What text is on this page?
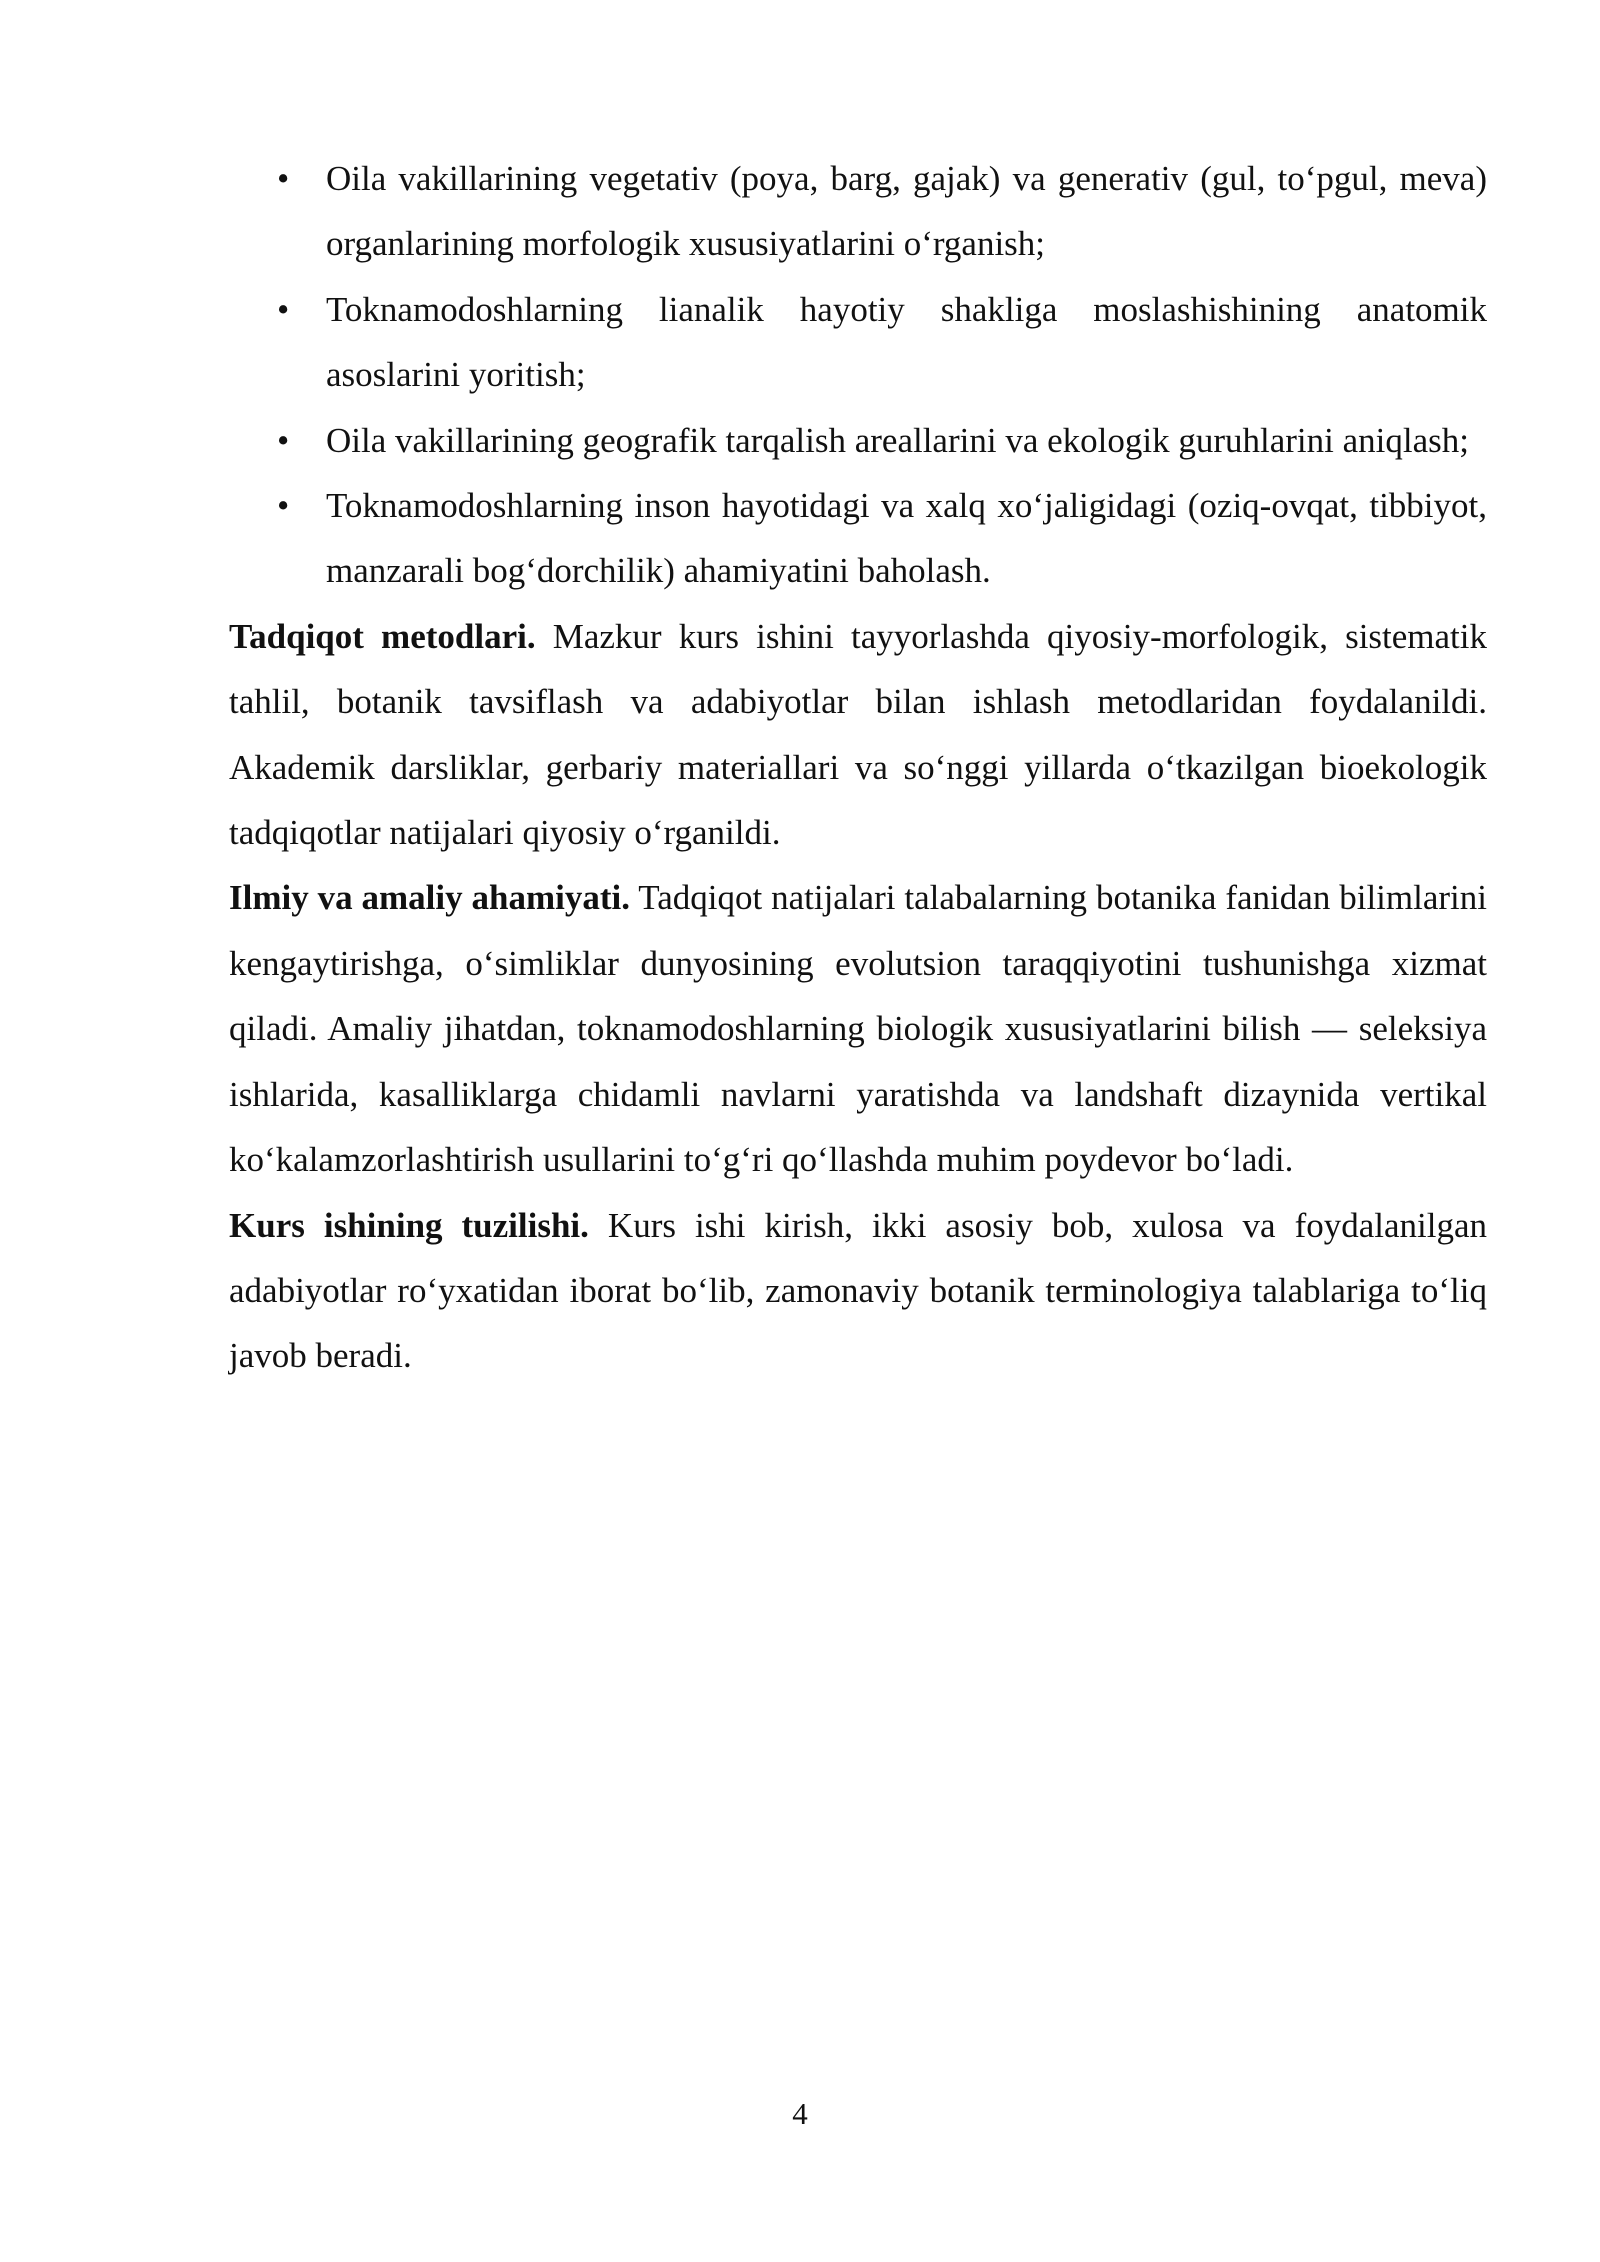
•	Oila vakillarining vegetativ (poya, barg, gajak) va generativ (gul, to‘pgul, meva) organlarining morfologik xususiyatlarini o‘rganish;
•	Toknamodoshlarning lianalik hayotiy shakliga moslashishining anatomik asoslarini yoritish;
•	Oila vakillarining geografik tarqalish areallarini va ekologik guruhlarini aniqlash;
•	Toknamodoshlarning inson hayotidagi va xalq xo‘jaligidagi (oziq-ovqat, tibbiyot, manzarali bog‘dorchilik) ahamiyatini baholash.

Tadqiqot metodlari. Mazkur kurs ishini tayyorlashda qiyosiy-morfologik, sistematik tahlil, botanik tavsiflash va adabiyotlar bilan ishlash metodlaridan foydalanildi. Akademik darsliklar, gerbariy materiallari va so‘nggi yillarda o‘tkazilgan bioekologik tadqiqotlar natijalari qiyosiy o‘rganildi.

Ilmiy va amaliy ahamiyati. Tadqiqot natijalari talabalarning botanika fanidan bilimlarini kengaytirishga, o‘simliklar dunyosining evolutsion taraqqiyotini tushunishga xizmat qiladi. Amaliy jihatdan, toknamodoshlarning biologik xususiyatlarini bilish — seleksiya ishlarida, kasalliklarga chidamli navlarni yaratishda va landshaft dizaynida vertikal ko‘kalamzorlashtirish usullarini to‘g‘ri qo‘llashda muhim poydevor bo‘ladi.

Kurs ishining tuzilishi. Kurs ishi kirish, ikki asosiy bob, xulosa va foydalanilgan adabiyotlar ro‘yxatidan iborat bo‘lib, zamonaviy botanik terminologiya talablariga to‘liq javob beradi.

4
